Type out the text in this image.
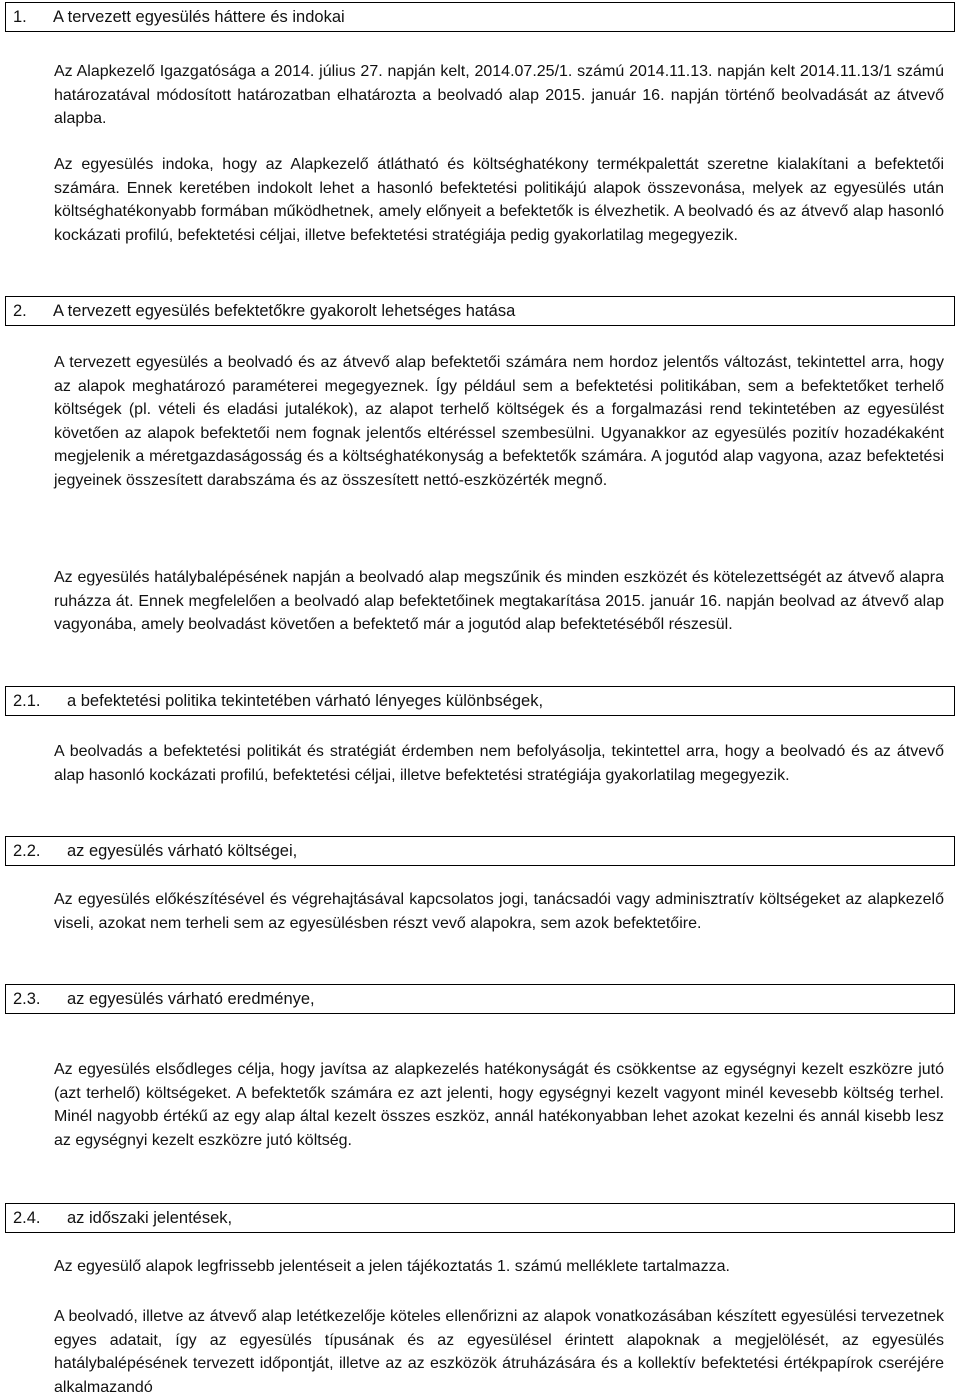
1. A tervezett egyesülés háttere és indokai

Az Alapkezelő Igazgatósága a 2014. július 27. napján kelt, 2014.07.25/1. számú 2014.11.13. napján kelt 2014.11.13/1 számú határozatával módosított határozatban elhatározta a beolvadó alap 2015. január 16. napján történő beolvadását az átvevő alapba.

Az egyesülés indoka, hogy az Alapkezelő átlátható és költséghatékony termékpalettát szeretne kialakítani a befektetői számára. Ennek keretében indokolt lehet a hasonló befektetési politikájú alapok összevonása, melyek az egyesülés után költséghatékonyabb formában működhetnek, amely előnyeit a befektetők is élvezhetik. A beolvadó és az átvevő alap hasonló kockázati profilú, befektetési céljai, illetve befektetési stratégiája pedig gyakorlatilag megegyezik.

2. A tervezett egyesülés befektetőkre gyakorolt lehetséges hatása

A tervezett egyesülés a beolvadó és az átvevő alap befektetői számára nem hordoz jelentős változást, tekintettel arra, hogy az alapok meghatározó paraméterei megegyeznek. Így például sem a befektetési politikában, sem a befektetőket terhelő költségek (pl. vételi és eladási jutalékok), az alapot terhelő költségek és a forgalmazási rend tekintetében az egyesülést követően az alapok befektetői nem fognak jelentős eltéréssel szembesülni. Ugyanakkor az egyesülés pozitív hozadékaként megjelenik a méretgazdaságosság és a költséghatékonyság a befektetők számára. A jogutód alap vagyona, azaz befektetési jegyeinek összesített darabszáma és az összesített nettó-eszközérték megnő.

Az egyesülés hatálybalépésének napján a beolvadó alap megszűnik és minden eszközét és kötelezettségét az átvevő alapra ruházza át. Ennek megfelelően a beolvadó alap befektetőinek megtakarítása 2015. január 16. napján beolvad az átvevő alap vagyonába, amely beolvadást követően a befektető már a jogutód alap befektetéséből részesül.

2.1. a befektetési politika tekintetében várható lényeges különbségek,

A beolvadás a befektetési politikát és stratégiát érdemben nem befolyásolja, tekintettel arra, hogy a beolvadó és az átvevő alap hasonló kockázati profilú, befektetési céljai, illetve befektetési stratégiája gyakorlatilag megegyezik.

2.2. az egyesülés várható költségei,

Az egyesülés előkészítésével és végrehajtásával kapcsolatos jogi, tanácsadói vagy adminisztratív költségeket az alapkezelő viseli, azokat nem terheli sem az egyesülésben részt vevő alapokra, sem azok befektetőire.

2.3. az egyesülés várható eredménye,

Az egyesülés elsődleges célja, hogy javítsa az alapkezelés hatékonyságát és csökkentse az egységnyi kezelt eszközre jutó (azt terhelő) költségeket. A befektetők számára ez azt jelenti, hogy egységnyi kezelt vagyont minél kevesebb költség terhel. Minél nagyobb értékű az egy alap által kezelt összes eszköz, annál hatékonyabban lehet azokat kezelni és annál kisebb lesz az egységnyi kezelt eszközre jutó költség.

2.4. az időszaki jelentések,

Az egyesülő alapok legfrissebb jelentéseit a jelen tájékoztatás 1. számú melléklete tartalmazza.

A beolvadó, illetve az átvevő alap letétkezelője köteles ellenőrizni az alapok vonatkozásában készített egyesülési tervezetnek egyes adatait, így az egyesülés típusának és az egyesülésel érintett alapoknak a megjelölését, az egyesülés hatálybalépésének tervezett időpontját, illetve az az eszközök átruházására és a kollektív befektetési értékpapírok cseréjére alkalmazandó
